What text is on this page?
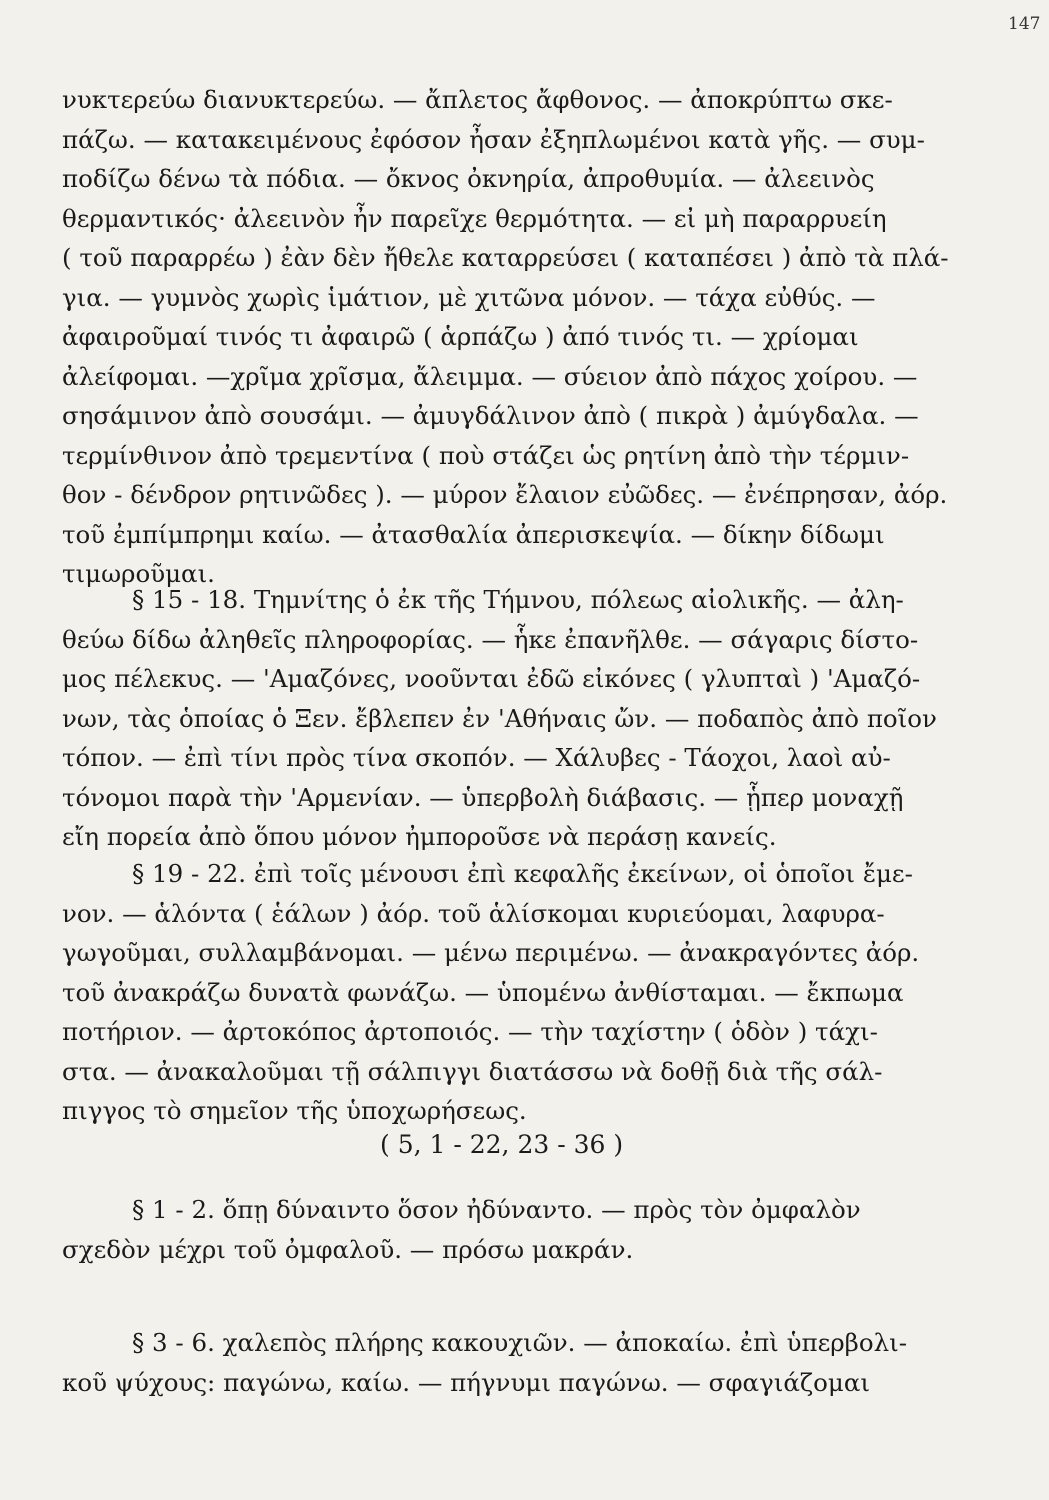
147
νυκτερεύω διανυκτερεύω. — ἄπλετος ἄφθονος. — ἀποκρύπτω σκε-
πάζω. — κατακειμένους ἐφόσον ἦσαν ἐξηπλωμένοι κατὰ γῆς. — συμ-
ποδίζω δένω τὰ πόδια. — ὄκνος ὀκνηρία, ἀπροθυμία. — ἀλεεινὸς
θερμαντικός· ἀλεεινὸν ἦν παρεῖχε θερμότητα. — εἰ μὴ παραρρυείη
( τοῦ παραρρέω ) ἐὰν δὲν ἤθελε καταρρεύσει ( καταπέσει ) ἀπὸ τὰ πλά-
για. — γυμνὸς χωρὶς ἱμάτιον, μὲ χιτῶνα μόνον. — τάχα εὐθύς. —
ἀφαιροῦμαί τινός τι ἀφαιρῶ ( ἁρπάζω ) ἀπό τινός τι. — χρίομαι
ἀλείφομαι. —χρῖμα χρῖσμα, ἄλειμμα. — σύειον ἀπὸ πάχος χοίρου. —
σησάμινον ἀπὸ σουσάμι. — ἀμυγδάλινον ἀπὸ ( πικρὰ ) ἀμύγδαλα. —
τερμίνθινον ἀπὸ τρεμεντίνα ( ποὺ στάζει ὡς ρητίνη ἀπὸ τὴν τέρμιν-
θον - δένδρον ρητινῶδες ). — μύρον ἔλαιον εὐῶδες. — ἐνέπρησαν, ἀόρ.
τοῦ ἐμπίμπρημι καίω. — ἀτασθαλία ἀπερισκεψία. — δίκην δίδωμι
τιμωροῦμαι.
§ 15 - 18. Τημνίτης ὁ ἐκ τῆς Τήμνου, πόλεως αἰολικῆς. — ἀλη-
θεύω δίδω ἀληθεῖς πληροφορίας. — ἧκε ἐπανῆλθε. — σάγαρις δίστο-
μος πέλεκυς. — 'Αμαζόνες, νοοῦνται ἐδῶ εἰκόνες ( γλυπταὶ ) 'Αμαζό-
νων, τὰς ὁποίας ὁ Ξεν. ἔβλεπεν ἐν 'Αθήναις ὤν. — ποδαπὸς ἀπὸ ποῖον
τόπον. — ἐπὶ τίνι πρὸς τίνα σκοπόν. — Χάλυβες - Τάοχοι, λαοὶ αὐ-
τόνομοι παρὰ τὴν 'Αρμενίαν. — ὑπερβολὴ διάβασις. — ᾗπερ μοναχῇ
εἴη πορεία ἀπὸ ὅπου μόνον ἠμποροῦσε νὰ περάσῃ κανείς.
§ 19 - 22. ἐπὶ τοῖς μένουσι ἐπὶ κεφαλῆς ἐκείνων, οἱ ὁποῖοι ἔμε-
νον. — ἁλόντα ( ἑάλων ) ἀόρ. τοῦ ἁλίσκομαι κυριεύομαι, λαφυρα-
γωγοῦμαι, συλλαμβάνομαι. — μένω περιμένω. — ἀνακραγόντες ἀόρ.
τοῦ ἀνακράζω δυνατὰ φωνάζω. — ὑπομένω ἀνθίσταμαι. — ἔκπωμα
ποτήριον. — ἀρτοκόπος ἀρτοποιός. — τὴν ταχίστην ( ὁδὸν ) τάχι-
στα. — ἀνακαλοῦμαι τῇ σάλπιγγι διατάσσω νὰ δοθῇ διὰ τῆς σάλ-
πιγγος τὸ σημεῖον τῆς ὑποχωρήσεως.
( 5, 1 - 22, 23 - 36 )
§ 1 - 2. ὅπῃ δύναιντο ὅσον ἠδύναντο. — πρὸς τὸν ὀμφαλὸν
σχεδὸν μέχρι τοῦ ὀμφαλοῦ. — πρόσω μακράν.
§ 3 - 6. χαλεπὸς πλήρης κακουχιῶν. — ἀποκαίω. ἐπὶ ὑπερβολι-
κοῦ ψύχους: παγώνω, καίω. — πήγνυμι παγώνω. — σφαγιάζομαι
